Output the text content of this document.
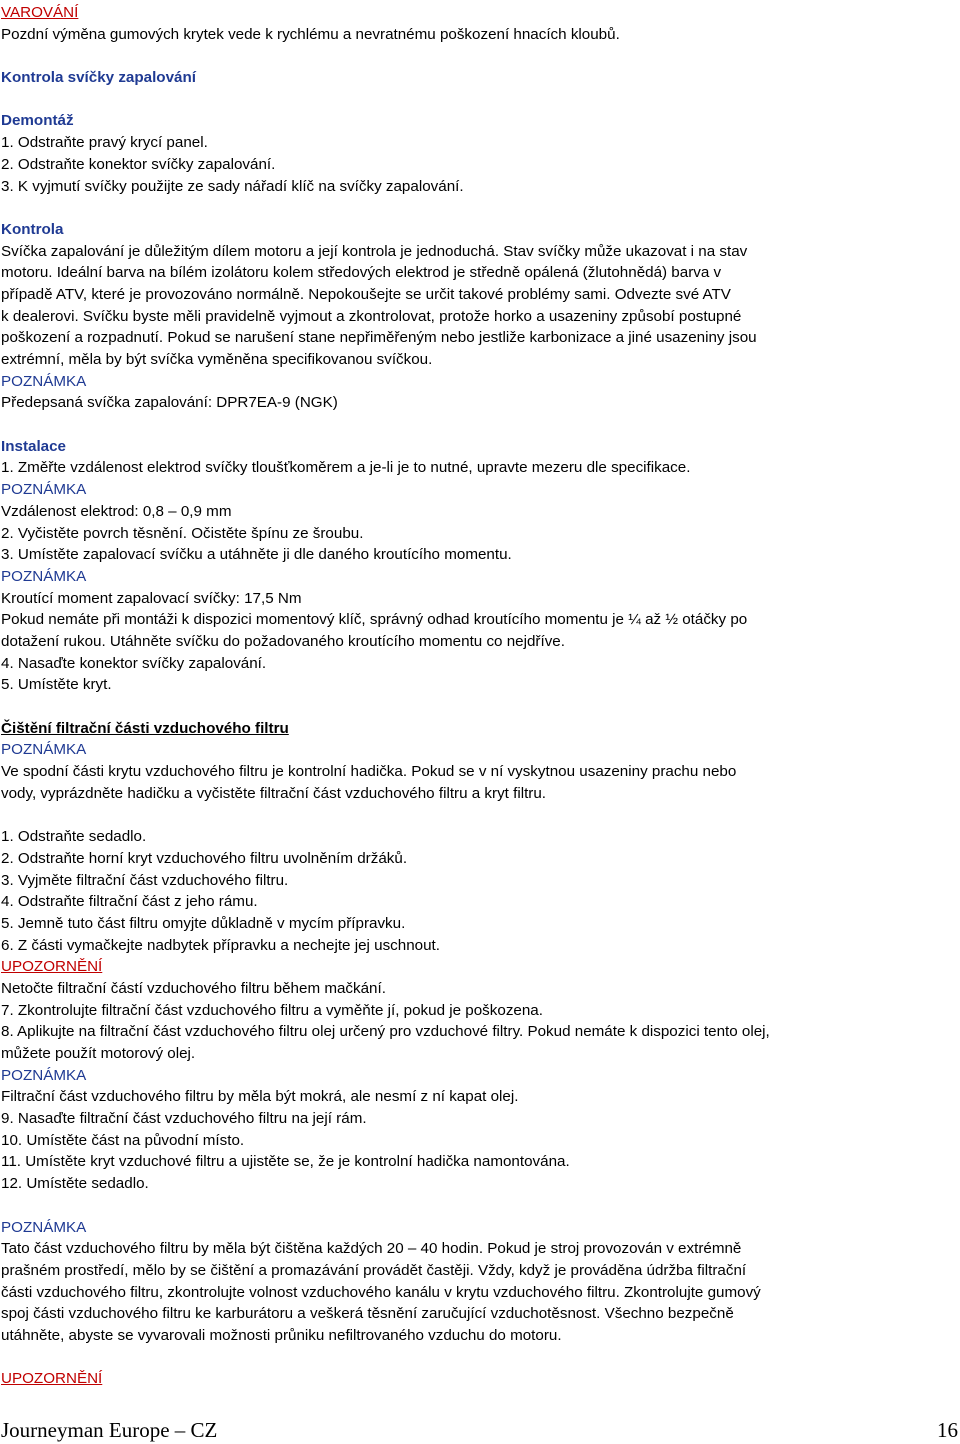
VAROVÁNÍ
Pozdní výměna gumových krytek vede k rychlému a nevratnému poškození hnacích kloubů.
Kontrola svíčky zapalování
Demontáž
1. Odstraňte pravý krycí panel.
2. Odstraňte konektor svíčky zapalování.
3. K vyjmutí svíčky použijte ze sady nářadí klíč na svíčky zapalování.
Kontrola
Svíčka zapalování je důležitým dílem motoru a její kontrola je jednoduchá. Stav svíčky může ukazovat i na stav
motoru. Ideální barva na bílém izolátoru kolem středových elektrod je středně opálená (žlutohnědá) barva v
případě ATV, které je provozováno normálně. Nepokoušejte se určit takové problémy sami. Odvezte své ATV
k dealerovi. Svíčku byste měli pravidelně vyjmout a zkontrolovat, protože horko a usazeniny způsobí postupné
poškození a rozpadnutí. Pokud se narušení stane nepřiměřeným nebo jestliže karbonizace a jiné usazeniny jsou
extrémní, měla by být svíčka vyměněna specifikovanou svíčkou.
POZNÁMKA
Předepsaná svíčka zapalování: DPR7EA-9 (NGK)
Instalace
1. Změřte vzdálenost elektrod svíčky tloušťkoměrem a je-li je to nutné, upravte mezeru dle specifikace.
POZNÁMKA
Vzdálenost elektrod: 0,8 – 0,9 mm
2. Vyčistěte povrch těsnění. Očistěte špínu ze šroubu.
3. Umístěte zapalovací svíčku a utáhněte ji dle daného kroutícího momentu.
POZNÁMKA
Kroutící moment zapalovací svíčky: 17,5 Nm
Pokud nemáte při montáži k dispozici momentový klíč, správný odhad kroutícího momentu je ¼ až ½ otáčky po
dotažení rukou. Utáhněte svíčku do požadovaného kroutícího momentu co nejdříve.
4. Nasaďte konektor svíčky zapalování.
5. Umístěte kryt.
Čištění filtrační části vzduchového filtru
POZNÁMKA
Ve spodní části krytu vzduchového filtru je kontrolní hadička. Pokud se v ní vyskytnou usazeniny prachu nebo
vody, vyprázdněte hadičku a vyčistěte filtrační část vzduchového filtru a kryt filtru.
1. Odstraňte sedadlo.
2. Odstraňte horní kryt vzduchového filtru uvolněním držáků.
3. Vyjměte filtrační část vzduchového filtru.
4. Odstraňte filtrační část z jeho rámu.
5. Jemně tuto část filtru omyjte důkladně v mycím přípravku.
6. Z části vymačkejte nadbytek přípravku a nechejte jej uschnout.
UPOZORNĚNÍ
Netočte filtrační částí vzduchového filtru během mačkání.
7. Zkontrolujte filtrační část vzduchového filtru a vyměňte jí, pokud je poškozena.
8. Aplikujte na filtrační část vzduchového filtru olej určený pro vzduchové filtry. Pokud nemáte k dispozici tento olej,
můžete použít motorový olej.
POZNÁMKA
Filtrační část vzduchového filtru by měla být mokrá, ale nesmí z ní kapat olej.
9. Nasaďte filtrační část vzduchového filtru na její rám.
10. Umístěte část na původní místo.
11. Umístěte kryt vzduchové filtru a ujistěte se, že je kontrolní hadička namontována.
12. Umístěte sedadlo.
POZNÁMKA
Tato část vzduchového filtru by měla být čištěna každých 20 – 40 hodin. Pokud je stroj provozován v extrémně
prašném prostředí, mělo by se čištění a promazávání provádět častěji. Vždy, když je prováděna údržba filtrační
části vzduchového filtru, zkontrolujte volnost vzduchového kanálu v krytu vzduchového filtru. Zkontrolujte gumový
spoj části vzduchového filtru ke karburátoru a veškerá těsnění zaručující vzduchotěsnost. Všechno bezpečně
utáhněte, abyste se vyvarovali možnosti průniku nefiltrovaného vzduchu do motoru.
UPOZORNĚNÍ
Journeyman Europe – CZ	16
